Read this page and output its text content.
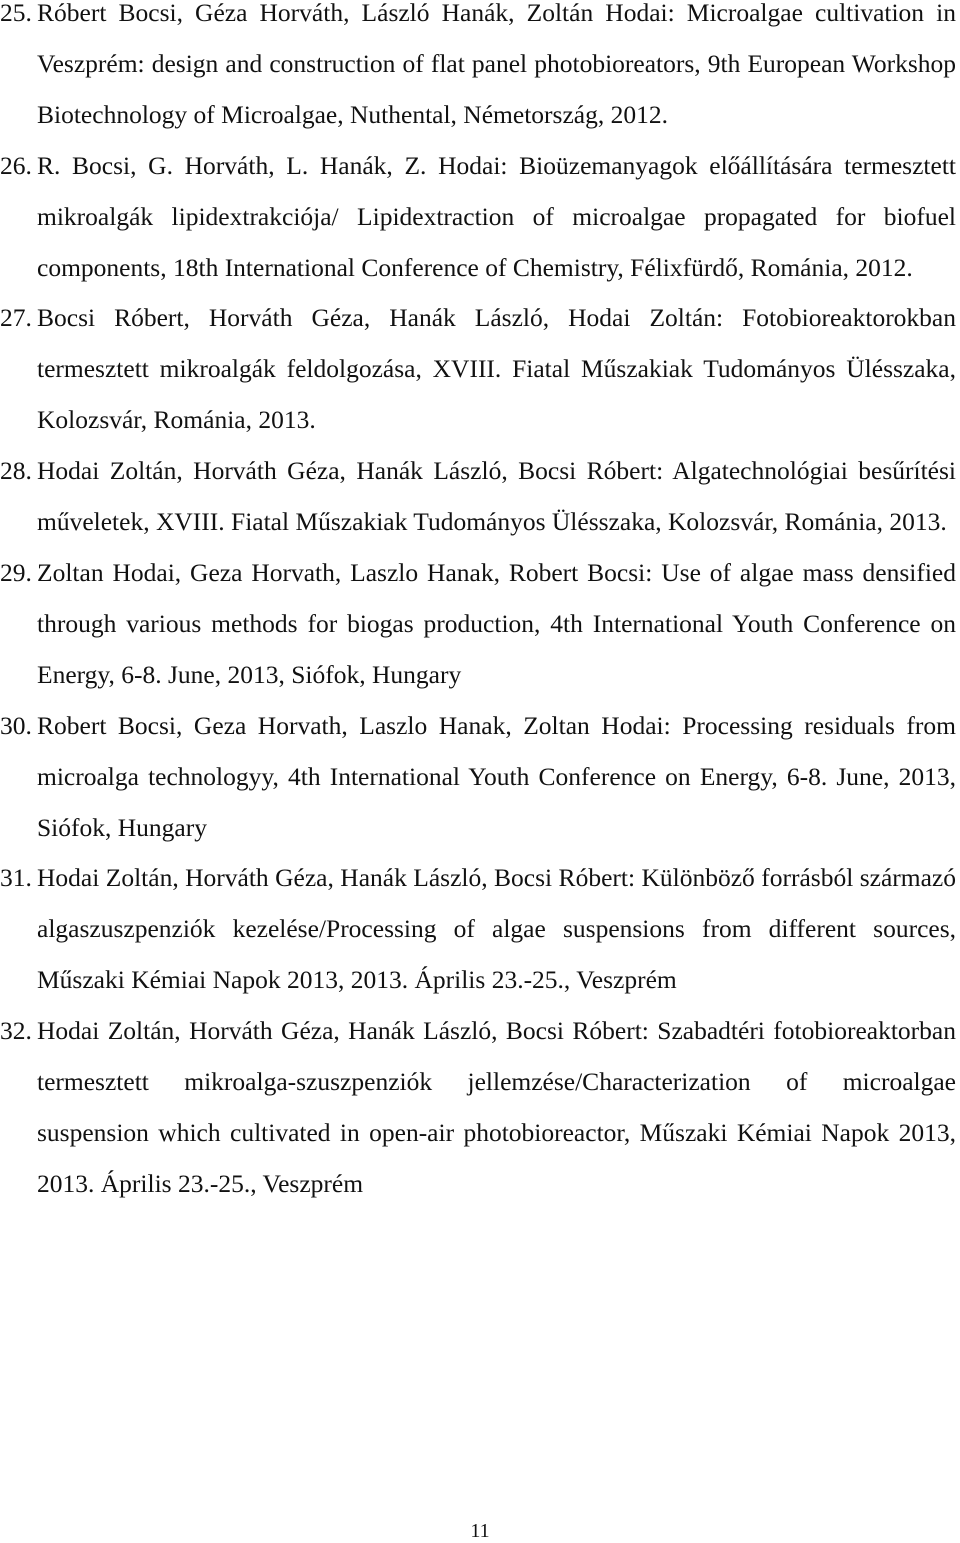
25. Róbert Bocsi, Géza Horváth, László Hanák, Zoltán Hodai: Microalgae cultivation in Veszprém: design and construction of flat panel photobioreators, 9th European Workshop Biotechnology of Microalgae, Nuthental, Németország, 2012.
26. R. Bocsi, G. Horváth, L. Hanák, Z. Hodai: Bioüzemanyagok előállítására termesztett mikroalgák lipidextrakciója/ Lipidextraction of microalgae propagated for biofuel components, 18th International Conference of Chemistry, Félixfürdő, Románia, 2012.
27. Bocsi Róbert, Horváth Géza, Hanák László, Hodai Zoltán: Fotobioreaktorokban termesztett mikroalgák feldolgozása, XVIII. Fiatal Műszakiak Tudományos Ülésszaka, Kolozsvár, Románia, 2013.
28. Hodai Zoltán, Horváth Géza, Hanák László, Bocsi Róbert: Algatechnológiai besűrítési műveletek, XVIII. Fiatal Műszakiak Tudományos Ülésszaka, Kolozsvár, Románia, 2013.
29. Zoltan Hodai, Geza Horvath, Laszlo Hanak, Robert Bocsi: Use of algae mass densified through various methods for biogas production, 4th International Youth Conference on Energy, 6-8. June, 2013, Siófok, Hungary
30. Robert Bocsi, Geza Horvath, Laszlo Hanak, Zoltan Hodai: Processing residuals from microalga technologyy, 4th International Youth Conference on Energy, 6-8. June, 2013, Siófok, Hungary
31. Hodai Zoltán, Horváth Géza, Hanák László, Bocsi Róbert: Különböző forrásból származó algaszuszpenziók kezelése/Processing of algae suspensions from different sources, Műszaki Kémiai Napok 2013, 2013. Április 23.-25., Veszprém
32. Hodai Zoltán, Horváth Géza, Hanák László, Bocsi Róbert: Szabadtéri fotobioreaktorban termesztett mikroalga-szuszpenziók jellemzése/Characterization of microalgae suspension which cultivated in open-air photobioreactor, Műszaki Kémiai Napok 2013, 2013. Április 23.-25., Veszprém
11
